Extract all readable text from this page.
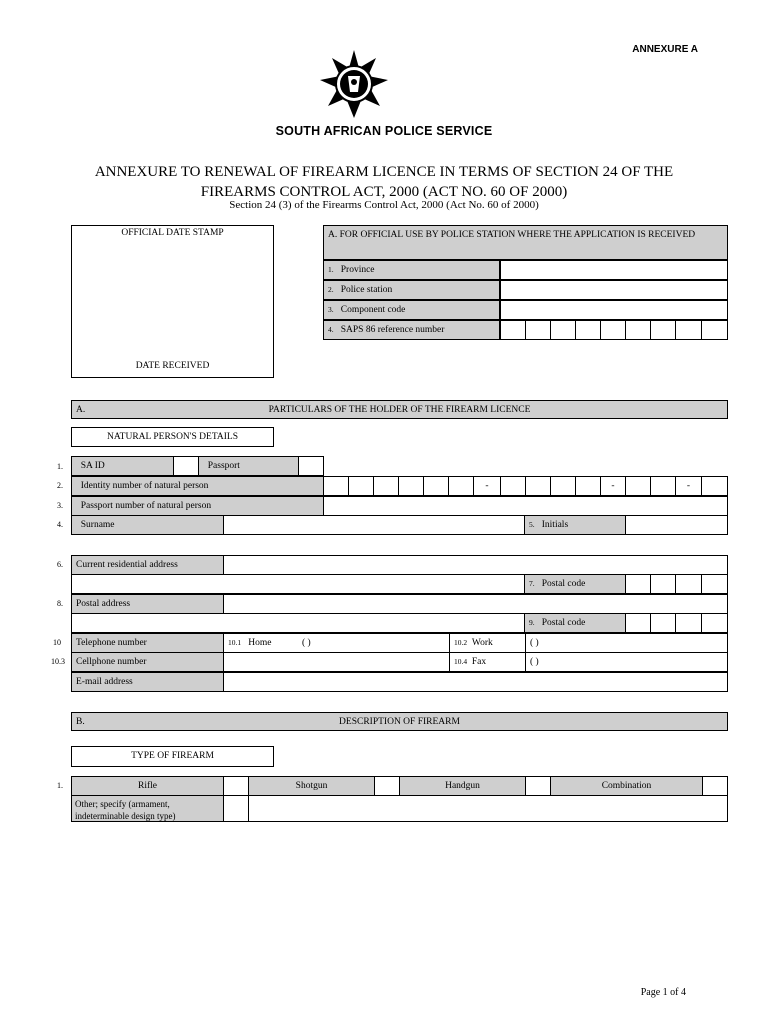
ANNEXURE A
SOUTH AFRICAN POLICE SERVICE
ANNEXURE TO RENEWAL OF FIREARM LICENCE IN TERMS OF SECTION 24 OF THE
FIREARMS CONTROL ACT, 2000 (ACT NO. 60 OF 2000)
Section 24 (3) of the Firearms Control Act, 2000 (Act No. 60 of 2000)
OFFICIAL DATE STAMP
DATE RECEIVED
A. FOR OFFICIAL USE BY POLICE STATION WHERE THE APPLICATION IS RECEIVED
1. Province
2. Police station
3. Component code
4. SAPS 86 reference number
A.	PARTICULARS OF THE HOLDER OF THE FIREARM LICENCE
NATURAL PERSON'S DETAILS
1.	SA ID	Passport
2.	Identity number of natural person	-	-	-
3.	Passport number of natural person
4.	Surname	5. Initials
6.	Current residential address
7. Postal code
8.	Postal address
9. Postal code
10	Telephone number	10.1 Home	( )	10.2 Work	( )
10.3	Cellphone number	10.4 Fax	( )
E-mail address
B.	DESCRIPTION OF FIREARM
TYPE OF FIREARM
1.	Rifle	Shotgun	Handgun	Combination
Other; specify (armament,
indeterminable design type)
Page 1 of 4
